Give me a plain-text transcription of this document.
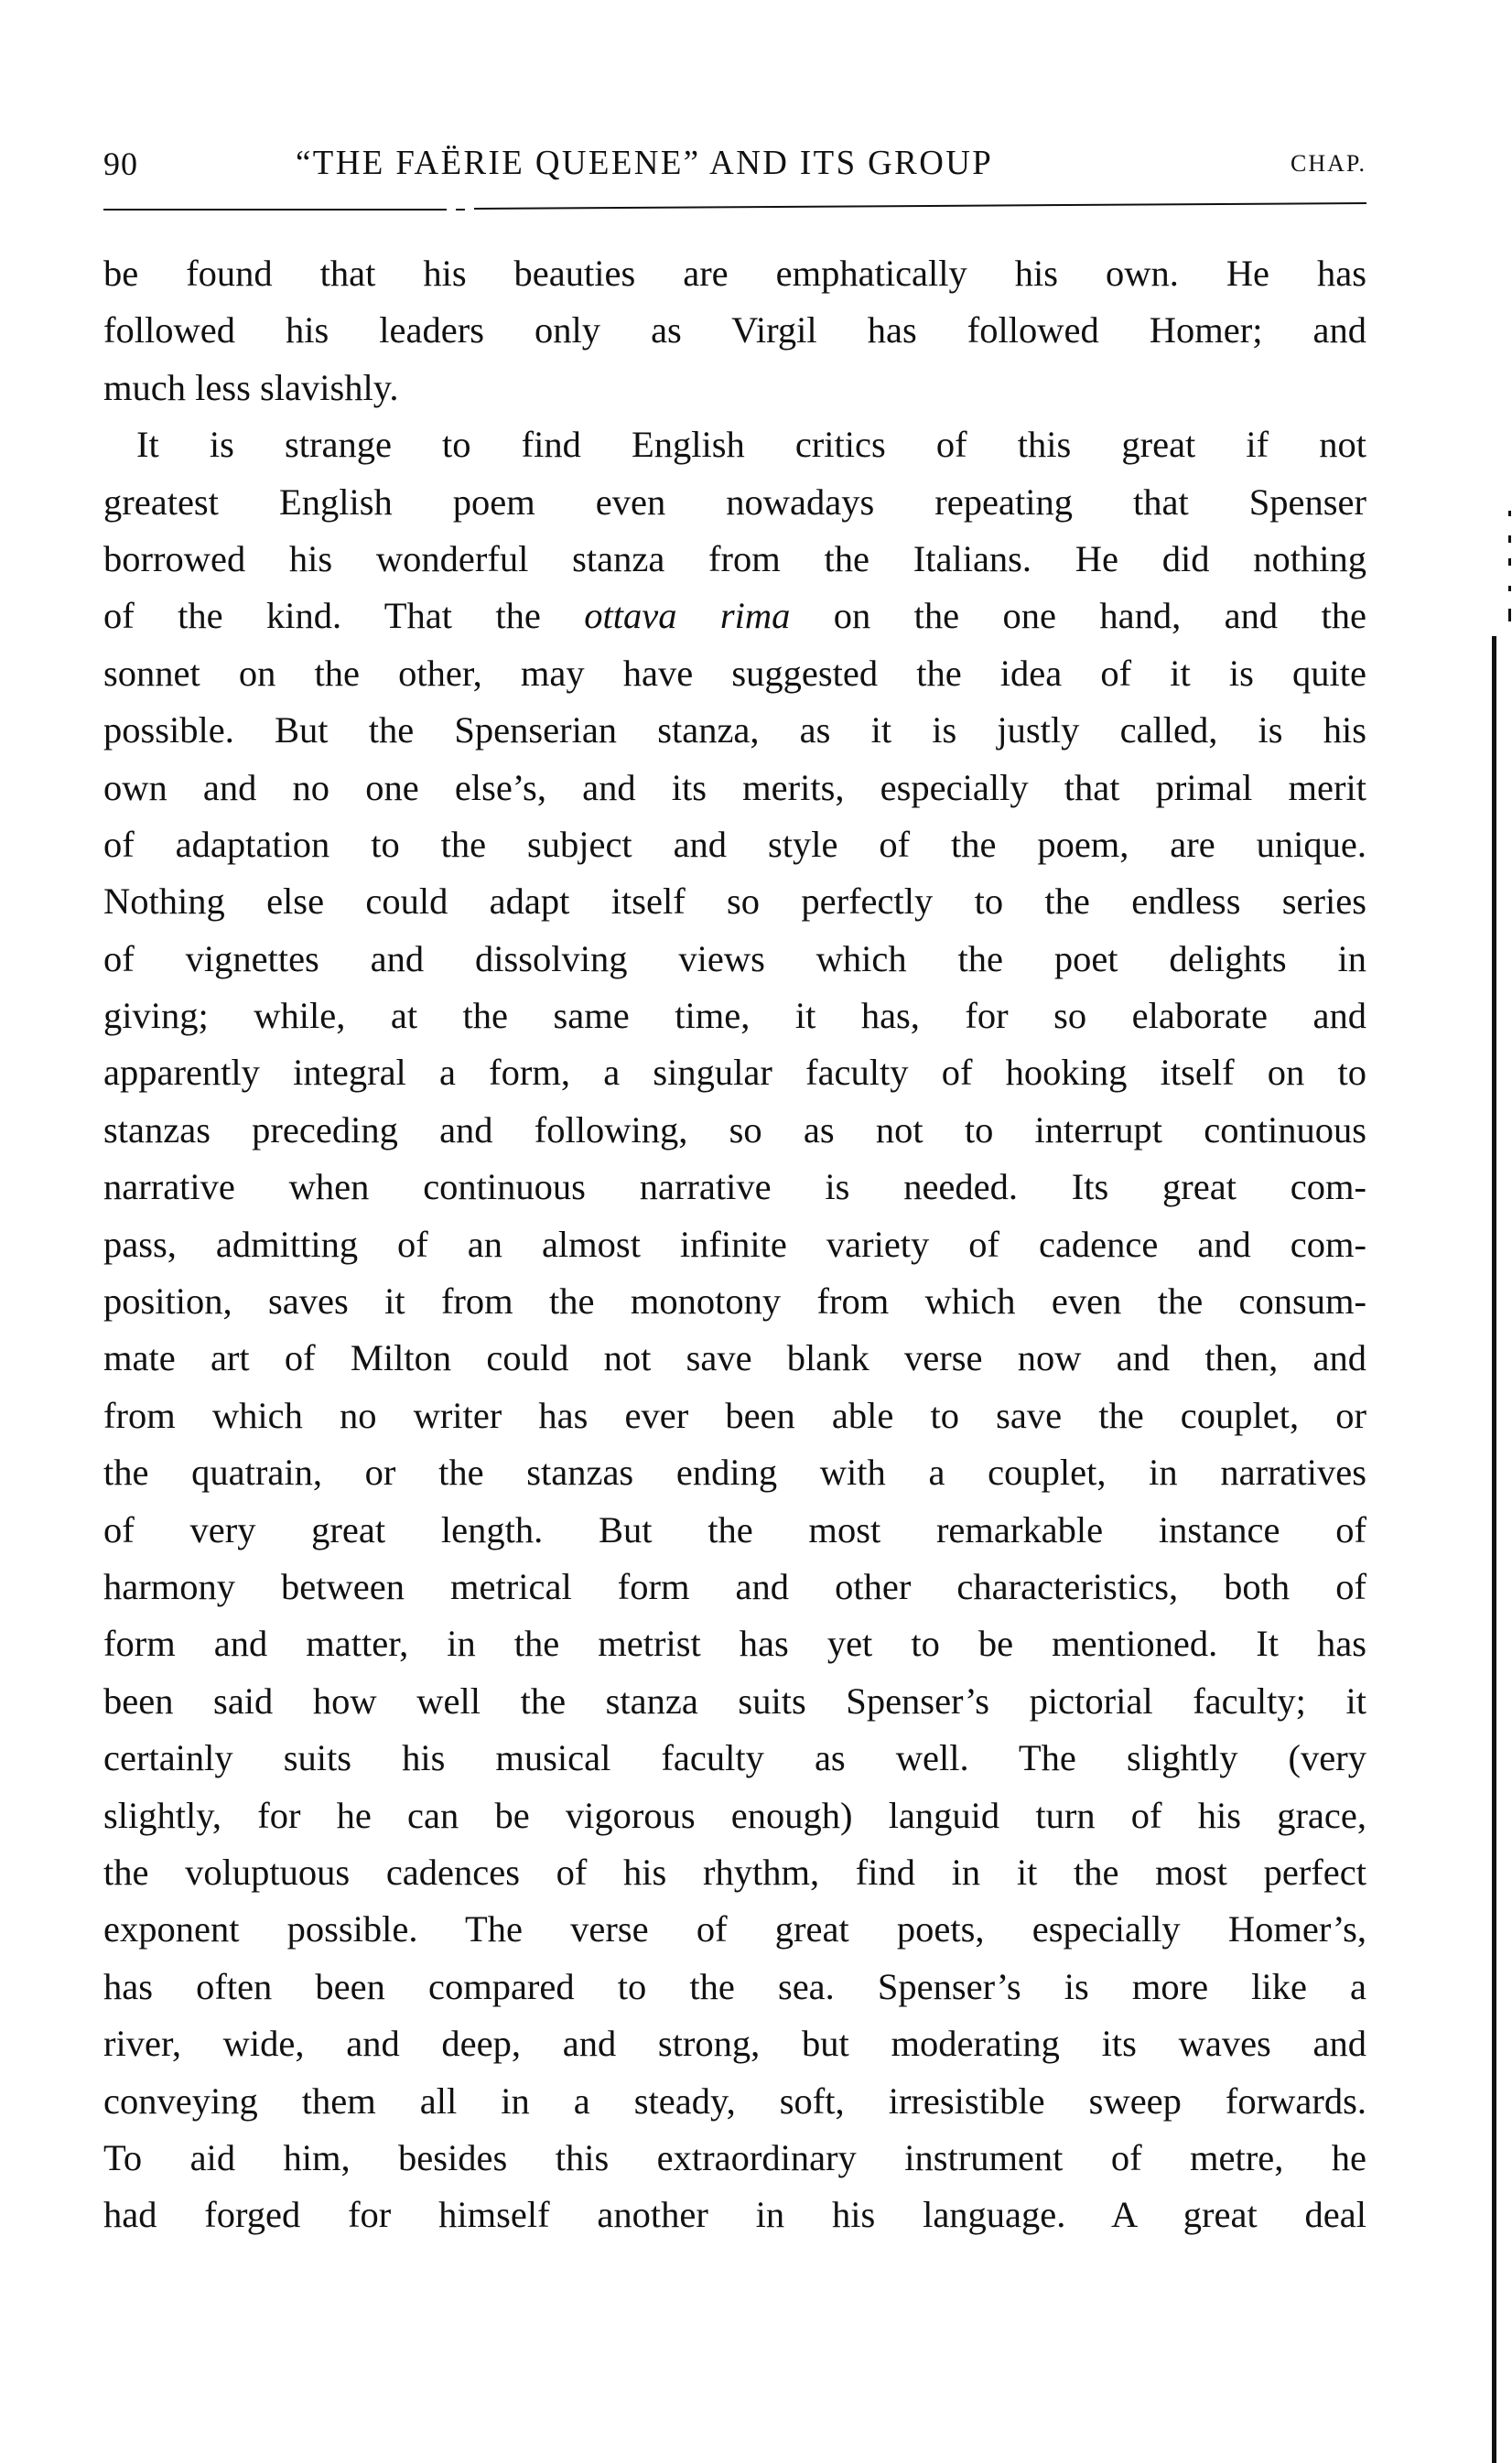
90	“THE FAËRIE QUEENE” AND ITS GROUP	CHAP.
be found that his beauties are emphatically his own. He has
followed his leaders only as Virgil has followed Homer; and
much less slavishly.
It is strange to find English critics of this great if not
greatest English poem even nowadays repeating that Spenser
borrowed his wonderful stanza from the Italians. He did nothing
of the kind. That the ottava rima on the one hand, and the
sonnet on the other, may have suggested the idea of it is quite
possible. But the Spenserian stanza, as it is justly called, is his
own and no one else’s, and its merits, especially that primal merit
of adaptation to the subject and style of the poem, are unique.
Nothing else could adapt itself so perfectly to the endless series
of vignettes and dissolving views which the poet delights in
giving; while, at the same time, it has, for so elaborate and
apparently integral a form, a singular faculty of hooking itself on to
stanzas preceding and following, so as not to interrupt continuous
narrative when continuous narrative is needed. Its great com-
pass, admitting of an almost infinite variety of cadence and com-
position, saves it from the monotony from which even the consum-
mate art of Milton could not save blank verse now and then, and
from which no writer has ever been able to save the couplet, or
the quatrain, or the stanzas ending with a couplet, in narratives
of very great length. But the most remarkable instance of
harmony between metrical form and other characteristics, both of
form and matter, in the metrist has yet to be mentioned. It has
been said how well the stanza suits Spenser’s pictorial faculty; it
certainly suits his musical faculty as well. The slightly (very
slightly, for he can be vigorous enough) languid turn of his grace,
the voluptuous cadences of his rhythm, find in it the most perfect
exponent possible. The verse of great poets, especially Homer’s,
has often been compared to the sea. Spenser’s is more like a
river, wide, and deep, and strong, but moderating its waves and
conveying them all in a steady, soft, irresistible sweep forwards.
To aid him, besides this extraordinary instrument of metre, he
had forged for himself another in his language. A great deal
